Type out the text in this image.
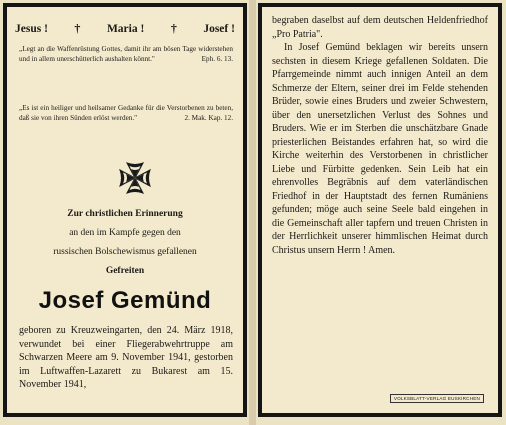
Jesus ! † Maria ! † Josef !
„Legt an die Waffenrüstung Gottes, damit ihr am bösen Tage widerstehen und in allem unerschütterlich aushalten könnt."	Eph. 6. 13.
„Es ist ein heiliger und heilsamer Gedanke für die Verstorbenen zu beten, daß sie von ihren Sünden erlöst werden."	2. Mak. Kap. 12.
Zur christlichen Erinnerung
an den im Kampfe gegen den
russischen Bolschewismus gefallenen
Gefreiten
Josef Gemünd
geboren zu Kreuzweingarten, den 24. März 1918, verwundet bei einer Fliegerabwehrtruppe am Schwarzen Meere am 9. November 1941, gestorben im Luftwaffen-Lazarett zu Bukarest am 15. November 1941,

begraben daselbst auf dem deutschen Heldenfriedhof „Pro Patria".

In Josef Gemünd beklagen wir bereits unsern sechsten in diesem Kriege gefallenen Soldaten. Die Pfarrgemeinde nimmt auch innigen Anteil an dem Schmerze der Eltern, seiner drei im Felde stehenden Brüder, sowie eines Bruders und zweier Schwestern, über den unersetzlichen Verlust des Sohnes und Bruders. Wie er im Sterben die unschätzbare Gnade priesterlichen Beistandes erfahren hat, so wird die Kirche weiterhin des Verstorbenen in christlicher Liebe und Fürbitte gedenken. Sein Leib hat ein ehrenvolles Begräbnis auf dem vaterländischen Friedhof in der Hauptstadt des fernen Rumäniens gefunden; möge auch seine Seele bald eingehen in die Gemeinschaft aller tapfern und treuen Christen in der Herrlichkeit unserer himmlischen Heimat durch Christus unsern Herrn ! Amen.

VOLKSBLATT-VERLAG EUSKIRCHEN
